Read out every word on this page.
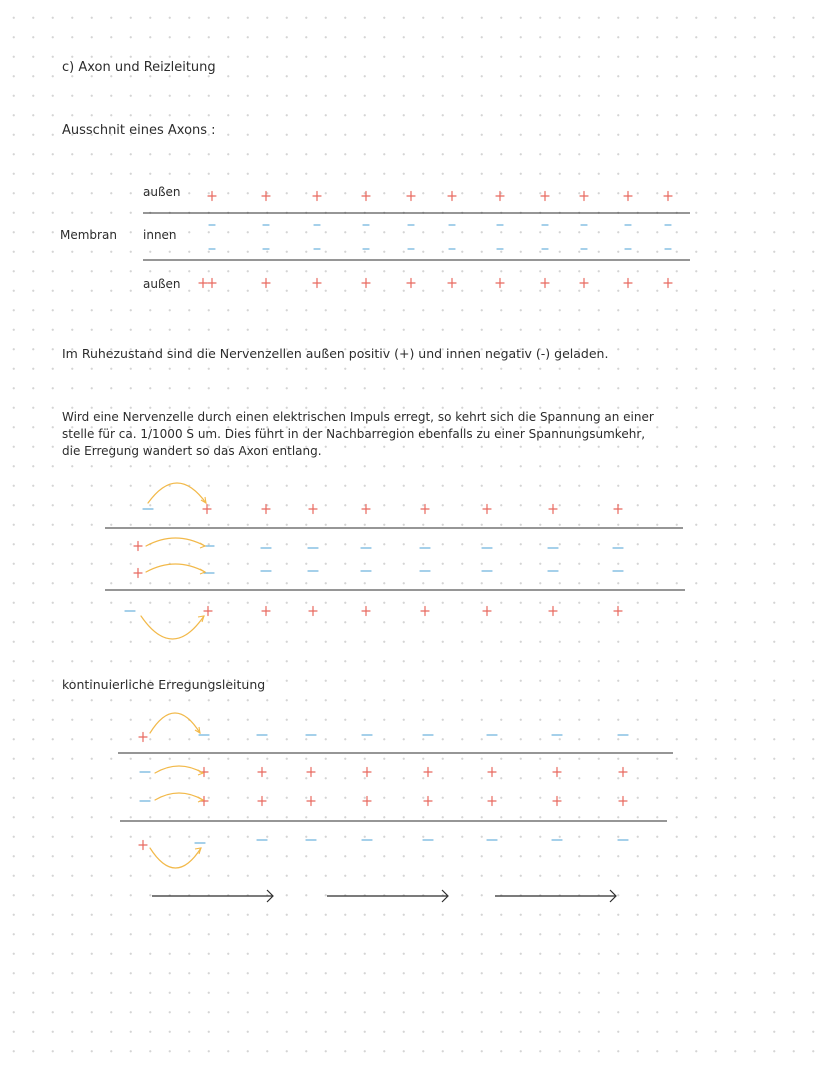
c) Axon und Reizleitung
Ausschnit eines Axons :
außen
Membran innen
außen
Im Ruhezustand sind die Nervenzellen außen positiv (+) und innen negativ (-) geladen.
Wird eine Nervenzelle durch einen elektrischen Impuls erregt, so kehrt sich die Spannung an einer
stelle für ca. 1/1000 S um. Dies führt in der Nachbarregion ebenfalls zu einer Spannungsumkehr,
die Erregung wandert so das Axon entlang.
kontinuierliche Erregungsleitung
